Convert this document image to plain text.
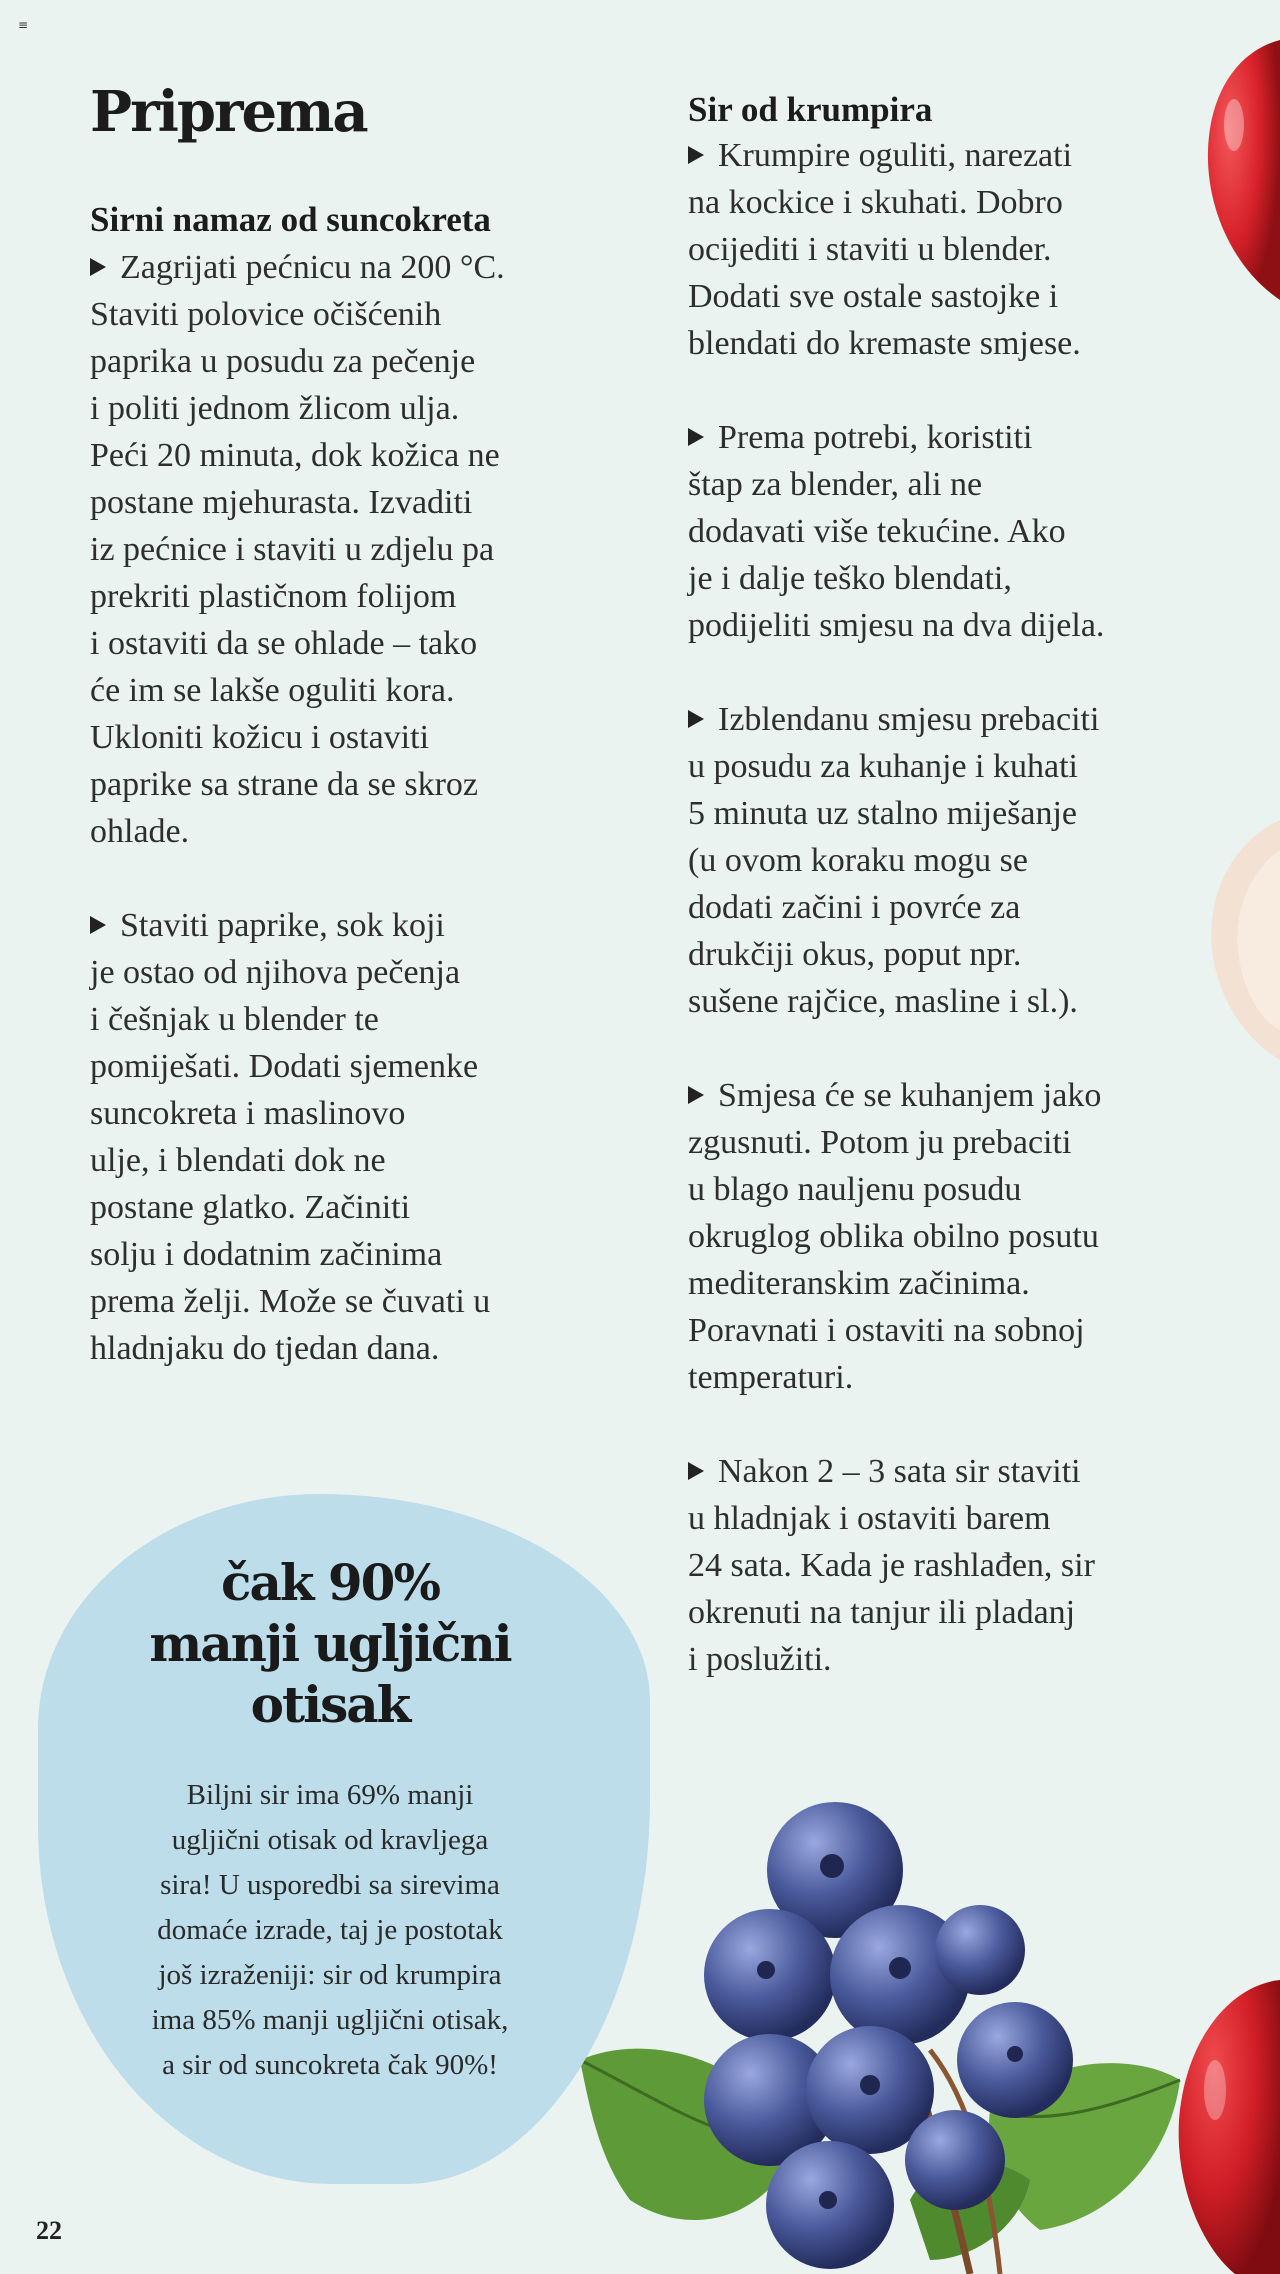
≡
Priprema
Sirni namaz od suncokreta

Zagrijati pećnicu na 200 °C.
Staviti polovice očišćenih
paprika u posudu za pečenje
i politi jednom žlicom ulja.
Peći 20 minuta, dok kožica ne
postane mjehurasta. Izvaditi
iz pećnice i staviti u zdjelu pa
prekriti plastičnom folijom
i ostaviti da se ohlade – tako
će im se lakše oguliti kora.
Ukloniti kožicu i ostaviti
paprike sa strane da se skroz
ohlade.

Staviti paprike, sok koji
je ostao od njihova pečenja
i češnjak u blender te
pomiješati. Dodati sjemenke
suncokreta i maslinovo
ulje, i blendati dok ne
postane glatko. Začiniti
solju i dodatnim začinima
prema želji. Može se čuvati u
hladnjaku do tjedan dana.

Sir od krumpira

Krumpire oguliti, narezati
na kockice i skuhati. Dobro
ocijediti i staviti u blender.
Dodati sve ostale sastojke i
blendati do kremaste smjese.

Prema potrebi, koristiti
štap za blender, ali ne
dodavati više tekućine. Ako
je i dalje teško blendati,
podijeliti smjesu na dva dijela.

Izblendanu smjesu prebaciti
u posudu za kuhanje i kuhati
5 minuta uz stalno miješanje
(u ovom koraku mogu se
dodati začini i povrće za
drukčiji okus, poput npr.
sušene rajčice, masline i sl.).

Smjesa će se kuhanjem jako
zgusnuti. Potom ju prebaciti
u blago nauljenu posudu
okruglog oblika obilno posutu
mediteranskim začinima.
Poravnati i ostaviti na sobnoj
temperaturi.

Nakon 2 – 3 sata sir staviti
u hladnjak i ostaviti barem
24 sata. Kada je rashlađen, sir
okrenuti na tanjur ili pladanj
i poslužiti.

čak 90%
manji ugljični
otisak
Biljni sir ima 69% manji
ugljični otisak od kravljega
sira! U usporedbi sa sirevima
domaće izrade, taj je postotak
još izraženiji: sir od krumpira
ima 85% manji ugljični otisak,
a sir od suncokreta čak 90%!
22
